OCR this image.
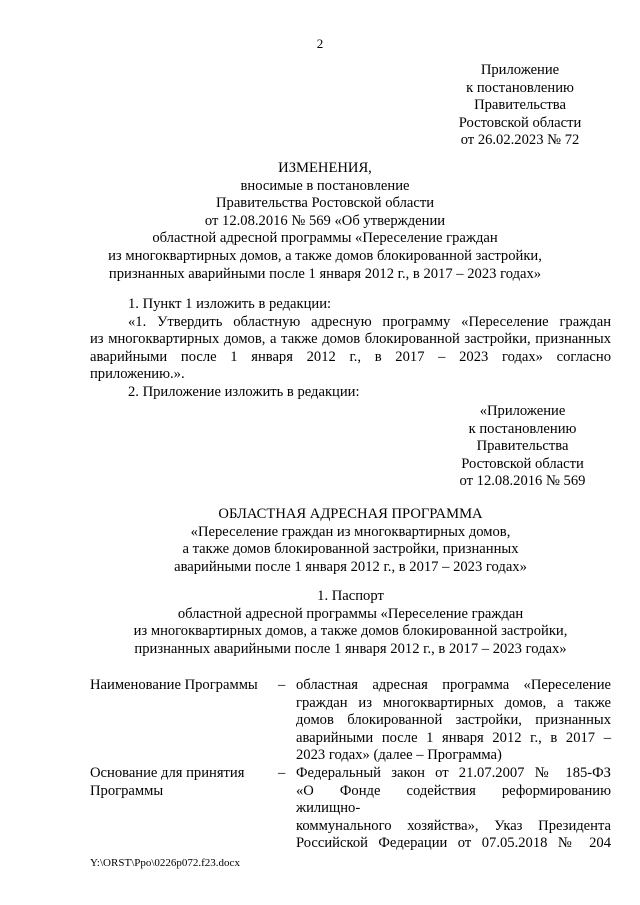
2
Приложение
к постановлению
Правительства
Ростовской области
от 26.02.2023 № 72
ИЗМЕНЕНИЯ,
вносимые в постановление
Правительства Ростовской области
от 12.08.2016 № 569 «Об утверждении
областной адресной программы «Переселение граждан
из многоквартирных домов, а также домов блокированной застройки,
признанных аварийными после 1 января 2012 г., в 2017 – 2023 годах»

1. Пункт 1 изложить в редакции:

«1. Утвердить областную адресную программу «Переселение граждан

из многоквартирных домов, а также домов блокированной застройки, признанных

аварийными после 1 января 2012 г., в 2017 – 2023 годах» согласно

приложению.».

2. Приложение изложить в редакции:

«Приложение
к постановлению
Правительства
Ростовской области
от 12.08.2016 № 569
ОБЛАСТНАЯ АДРЕСНАЯ ПРОГРАММА
«Переселение граждан из многоквартирных домов,
а также домов блокированной застройки, признанных
аварийными после 1 января 2012 г., в 2017 – 2023 годах»
1. Паспорт
областной адресной программы «Переселение граждан
из многоквартирных домов, а также домов блокированной застройки,
признанных аварийными после 1 января 2012 г., в 2017 – 2023 годах»
Наименование Программы	– областная адресная программа «Переселение
граждан из многоквартирных домов, а также
домов блокированной застройки, признанных
аварийными после 1 января 2012 г., в 2017 –
2023 годах» (далее – Программа)
Основание для принятия
Программы
– Федеральный закон от 21.07.2007 № 185-ФЗ
«О Фонде содействия реформированию жилищно-
коммунального хозяйства», Указ Президента
Российской Федерации от 07.05.2018 № 204
Y:\ORST\Ppo\0226p072.f23.docx
